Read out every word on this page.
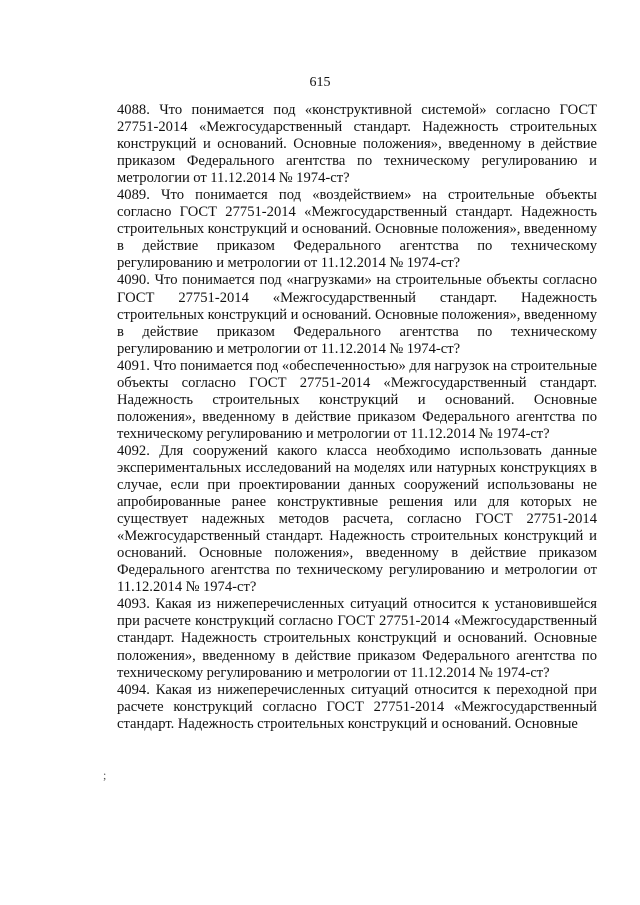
615
;

4088. Что понимается под «конструктивной системой» согласно ГОСТ 27751-2014 «Межгосударственный стандарт. Надежность строительных конструкций и оснований. Основные положения», введенному в действие приказом Федерального агентства по техническому регулированию и метрологии от 11.12.2014 № 1974-ст?

4089. Что понимается под «воздействием» на строительные объекты согласно ГОСТ 27751-2014 «Межгосударственный стандарт. Надежность строительных конструкций и оснований. Основные положения», введенному в действие приказом Федерального агентства по техническому регулированию и метрологии от 11.12.2014 № 1974-ст?

4090. Что понимается под «нагрузками» на строительные объекты согласно ГОСТ 27751-2014 «Межгосударственный стандарт. Надежность строительных конструкций и оснований. Основные положения», введенному в действие приказом Федерального агентства по техническому регулированию и метрологии от 11.12.2014 № 1974-ст?

4091. Что понимается под «обеспеченностью» для нагрузок на строительные объекты согласно ГОСТ 27751-2014 «Межгосударственный стандарт. Надежность строительных конструкций и оснований. Основные положения», введенному в действие приказом Федерального агентства по техническому регулированию и метрологии от 11.12.2014 № 1974-ст?

4092. Для сооружений какого класса необходимо использовать данные экспериментальных исследований на моделях или натурных конструкциях в случае, если при проектировании данных сооружений использованы не апробированные ранее конструктивные решения или для которых не существует надежных методов расчета, согласно ГОСТ 27751-2014 «Межгосударственный стандарт. Надежность строительных конструкций и оснований. Основные положения», введенному в действие приказом Федерального агентства по техническому регулированию и метрологии от 11.12.2014 № 1974-ст?

4093. Какая из нижеперечисленных ситуаций относится к установившейся при расчете конструкций согласно ГОСТ 27751-2014 «Межгосударственный стандарт. Надежность строительных конструкций и оснований. Основные положения», введенному в действие приказом Федерального агентства по техническому регулированию и метрологии от 11.12.2014 № 1974-ст?

4094. Какая из нижеперечисленных ситуаций относится к переходной при расчете конструкций согласно ГОСТ 27751-2014 «Межгосударственный стандарт. Надежность строительных конструкций и оснований. Основные
